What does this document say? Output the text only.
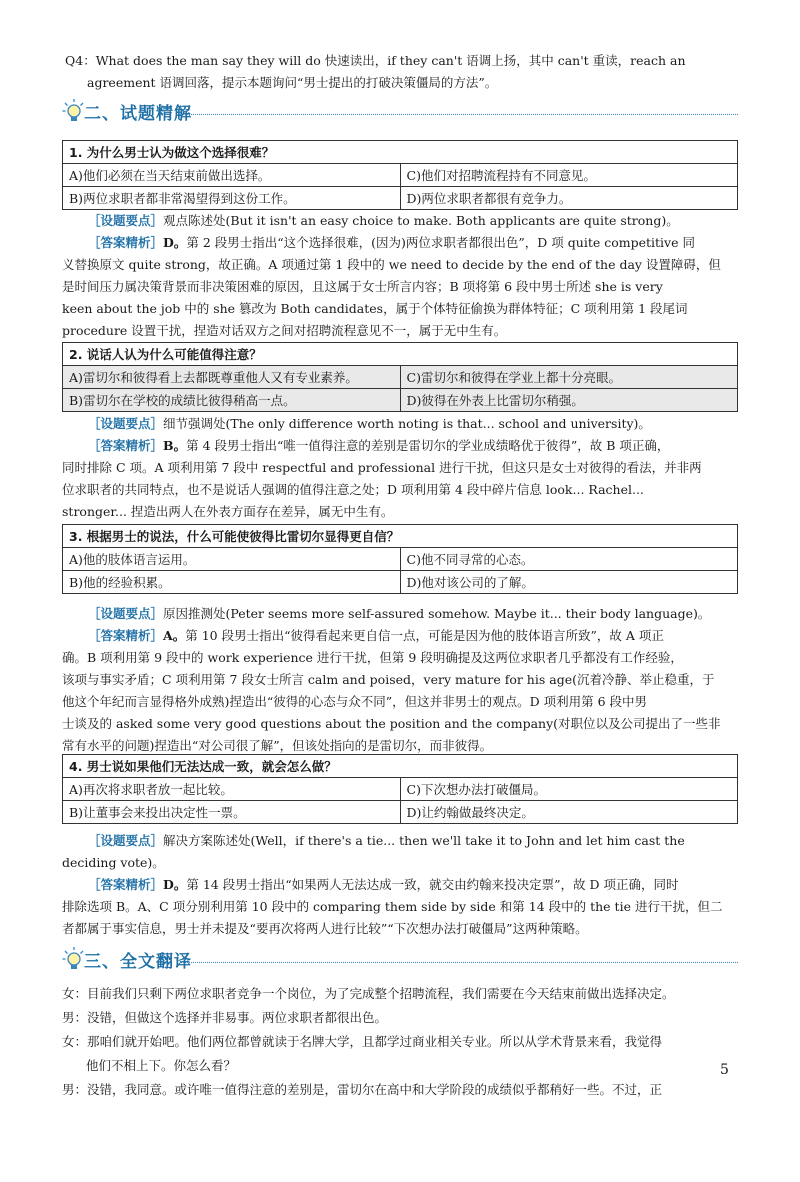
Q4：What does the man say they will do 快速读出，if they can't 语调上扬，其中 can't 重读，reach an

agreement 语调回落，提示本题询问“男士提出的打破决策僵局的方法”。

二、试题精解
1. 为什么男士认为做这个选择很难？	
A)他们必须在当天结束前做出选择。	C)他们对招聘流程持有不同意见。
B)两位求职者都非常渴望得到这份工作。	D)两位求职者都很有竞争力。

［设题要点］观点陈述处(But it isn't an easy choice to make. Both applicants are quite strong)。

［答案精析］D。第 2 段男士指出“这个选择很难，(因为)两位求职者都很出色”，D 项 quite competitive 同

义替换原文 quite strong，故正确。A 项通过第 1 段中的 we need to decide by the end of the day 设置障碍，但

是时间压力属决策背景而非决策困难的原因，且这属于女士所言内容；B 项将第 6 段中男士所述 she is very

keen about the job 中的 she 篡改为 Both candidates，属于个体特征偷换为群体特征；C 项利用第 1 段尾词

procedure 设置干扰，捏造对话双方之间对招聘流程意见不一，属于无中生有。

2. 说话人认为什么可能值得注意？	
A)雷切尔和彼得看上去都既尊重他人又有专业素养。	C)雷切尔和彼得在学业上都十分亮眼。
B)雷切尔在学校的成绩比彼得稍高一点。	D)彼得在外表上比雷切尔稍强。

［设题要点］细节强调处(The only difference worth noting is that... school and university)。

［答案精析］B。第 4 段男士指出“唯一值得注意的差别是雷切尔的学业成绩略优于彼得”，故 B 项正确，

同时排除 C 项。A 项利用第 7 段中 respectful and professional 进行干扰，但这只是女士对彼得的看法，并非两

位求职者的共同特点，也不是说话人强调的值得注意之处；D 项利用第 4 段中碎片信息 look... Rachel...

stronger... 捏造出两人在外表方面存在差异，属无中生有。

3. 根据男士的说法，什么可能使彼得比雷切尔显得更自信？	
A)他的肢体语言运用。	C)他不同寻常的心态。
B)他的经验积累。	D)他对该公司的了解。

［设题要点］原因推测处(Peter seems more self-assured somehow. Maybe it... their body language)。

［答案精析］A。第 10 段男士指出“彼得看起来更自信一点，可能是因为他的肢体语言所致”，故 A 项正

确。B 项利用第 9 段中的 work experience 进行干扰，但第 9 段明确提及这两位求职者几乎都没有工作经验，

该项与事实矛盾；C 项利用第 7 段女士所言 calm and poised，very mature for his age(沉着冷静、举止稳重，于

他这个年纪而言显得格外成熟)捏造出“彼得的心态与众不同”，但这并非男士的观点。D 项利用第 6 段中男

士谈及的 asked some very good questions about the position and the company(对职位以及公司提出了一些非

常有水平的问题)捏造出“对公司很了解”，但该处指向的是雷切尔，而非彼得。

4. 男士说如果他们无法达成一致，就会怎么做？	
A)再次将求职者放一起比较。	C)下次想办法打破僵局。
B)让董事会来投出决定性一票。	D)让约翰做最终决定。

［设题要点］解决方案陈述处(Well，if there's a tie... then we'll take it to John and let him cast the

deciding vote)。

［答案精析］D。第 14 段男士指出“如果两人无法达成一致，就交由约翰来投决定票”，故 D 项正确，同时

排除选项 B。A、C 项分别利用第 10 段中的 comparing them side by side 和第 14 段中的 the tie 进行干扰，但二

者都属于事实信息，男士并未提及“要再次将两人进行比较”“下次想办法打破僵局”这两种策略。

三、全文翻译

女：目前我们只剩下两位求职者竞争一个岗位，为了完成整个招聘流程，我们需要在今天结束前做出选择决定。

男：没错，但做这个选择并非易事。两位求职者都很出色。

女：那咱们就开始吧。他们两位都曾就读于名牌大学，且都学过商业相关专业。所以从学术背景来看，我觉得

他们不相上下。你怎么看？

男：没错，我同意。或许唯一值得注意的差别是，雷切尔在高中和大学阶段的成绩似乎都稍好一些。不过，正

5
